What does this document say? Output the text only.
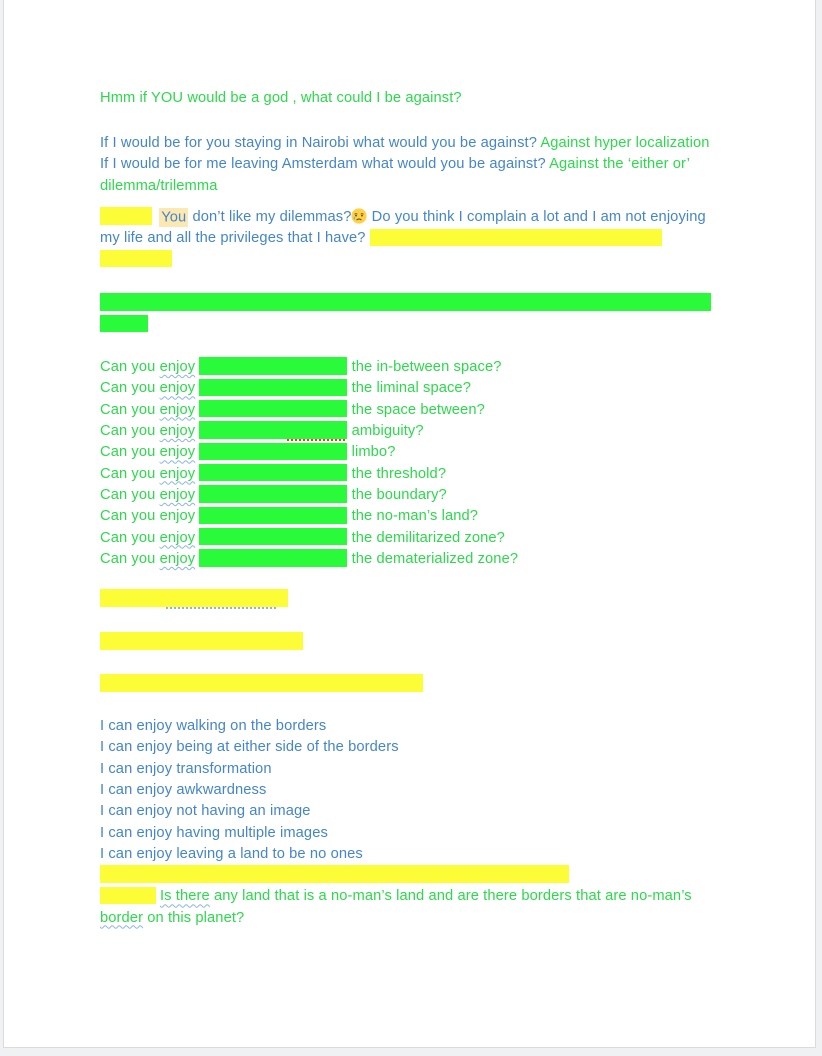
Hmm if YOU would be a god , what could I be against?
If I would be for you staying in Nairobi what would you be against? Against hyper localization
If I would be for me leaving Amsterdam what would you be against? Against the ‘either or’ dilemma/trilemma
You don’t like my dilemmas? Do you think I complain a lot and I am not enjoying my life and all the privileges that I have?

Can you enjoy	the in-between space?
Can you enjoy	the liminal space?
Can you enjoy	the space between?
Can you enjoy	ambiguity?
Can you enjoy	limbo?
Can you enjoy	the threshold?
Can you enjoy	the boundary?
Can you enjoy	the no-man’s land?
Can you enjoy	the demilitarized zone?
Can you enjoy	the dematerialized zone?
I can enjoy walking on the borders
I can enjoy being at either side of the borders
I can enjoy transformation
I can enjoy awkwardness
I can enjoy not having an image
I can enjoy having multiple images
I can enjoy leaving a land to be no ones

Is there any land that is a no-man’s land and are there borders that are no-man’s border on this planet?
